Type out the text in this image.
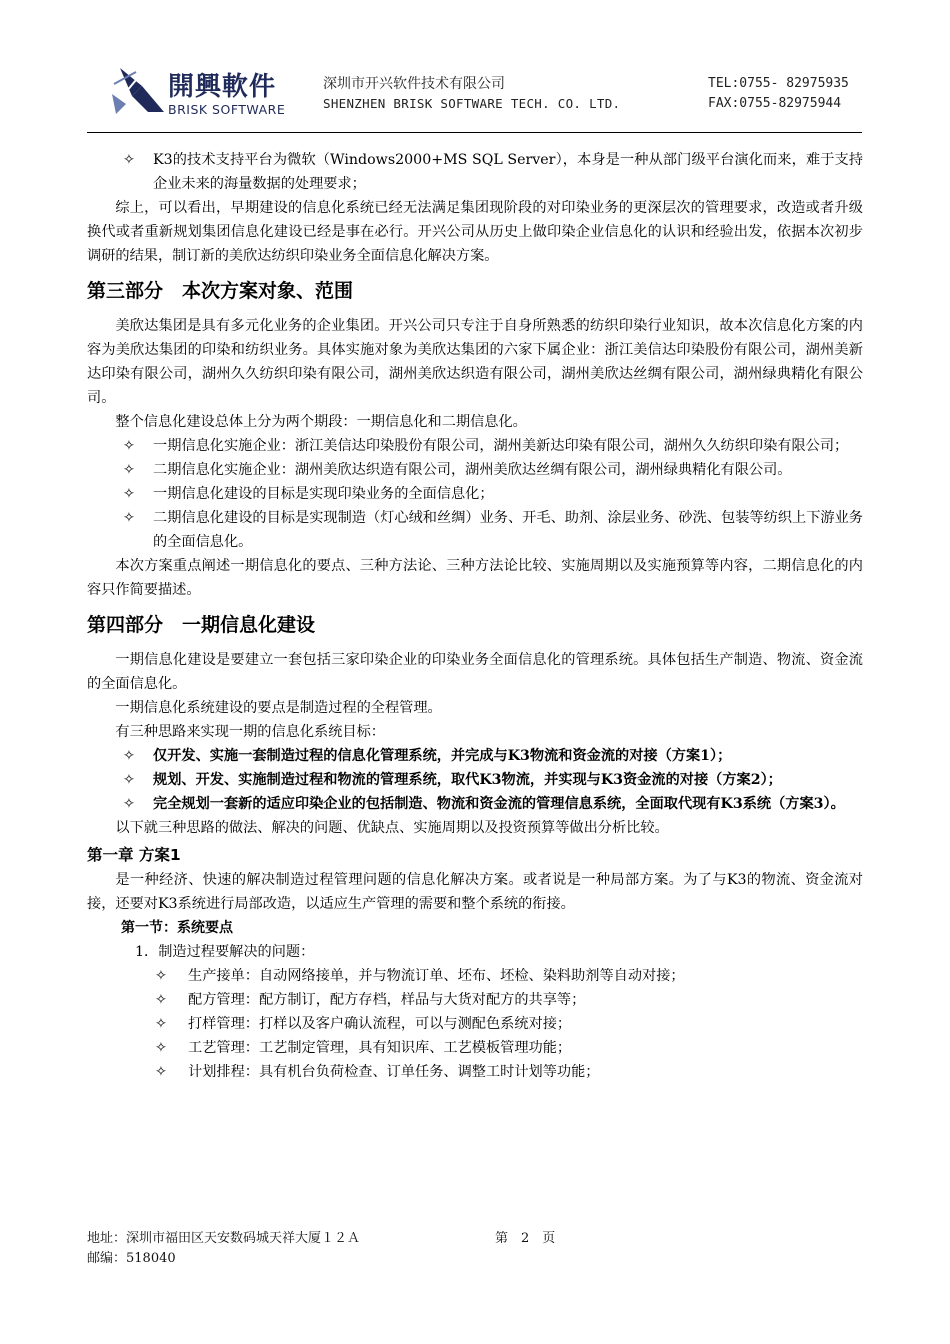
開興軟件
BRISK SOFTWARE
深圳市开兴软件技术有限公司
SHENZHEN BRISK SOFTWARE TECH. CO. LTD.
TEL:0755- 82975935
FAX:0755-82975944

✧ K3的技术支持平台为微软（Windows2000+MS SQL Server），本身是一种从部门级平台演化而来，难于支持企业未来的海量数据的处理要求；

综上，可以看出，早期建设的信息化系统已经无法满足集团现阶段的对印染业务的更深层次的管理要求，改造或者升级换代或者重新规划集团信息化建设已经是事在必行。开兴公司从历史上做印染企业信息化的认识和经验出发，依据本次初步调研的结果，制订新的美欣达纺织印染业务全面信息化解决方案。

第三部分　本次方案对象、范围

美欣达集团是具有多元化业务的企业集团。开兴公司只专注于自身所熟悉的纺织印染行业知识，故本次信息化方案的内容为美欣达集团的印染和纺织业务。具体实施对象为美欣达集团的六家下属企业：浙江美信达印染股份有限公司，湖州美新达印染有限公司，湖州久久纺织印染有限公司，湖州美欣达织造有限公司，湖州美欣达丝绸有限公司，湖州绿典精化有限公司。

整个信息化建设总体上分为两个期段：一期信息化和二期信息化。

✧ 一期信息化实施企业：浙江美信达印染股份有限公司，湖州美新达印染有限公司，湖州久久纺织印染有限公司；

✧ 二期信息化实施企业：湖州美欣达织造有限公司，湖州美欣达丝绸有限公司，湖州绿典精化有限公司。

✧ 一期信息化建设的目标是实现印染业务的全面信息化；

✧ 二期信息化建设的目标是实现制造（灯心绒和丝绸）业务、开毛、助剂、涂层业务、砂洗、包装等纺织上下游业务的全面信息化。

本次方案重点阐述一期信息化的要点、三种方法论、三种方法论比较、实施周期以及实施预算等内容，二期信息化的内容只作简要描述。

第四部分　一期信息化建设

一期信息化建设是要建立一套包括三家印染企业的印染业务全面信息化的管理系统。具体包括生产制造、物流、资金流的全面信息化。

一期信息化系统建设的要点是制造过程的全程管理。

有三种思路来实现一期的信息化系统目标：

✧ 仅开发、实施一套制造过程的信息化管理系统，并完成与K3物流和资金流的对接（方案1）；

✧ 规划、开发、实施制造过程和物流的管理系统，取代K3物流，并实现与K3资金流的对接（方案2）；

✧ 完全规划一套新的适应印染企业的包括制造、物流和资金流的管理信息系统，全面取代现有K3系统（方案3）。

以下就三种思路的做法、解决的问题、优缺点、实施周期以及投资预算等做出分析比较。

第一章 方案1

是一种经济、快速的解决制造过程管理问题的信息化解决方案。或者说是一种局部方案。为了与K3的物流、资金流对接，还要对K3系统进行局部改造，以适应生产管理的需要和整个系统的衔接。

第一节：系统要点

1．制造过程要解决的问题：

✧ 生产接单：自动网络接单，并与物流订单、坯布、坯检、染料助剂等自动对接；

✧ 配方管理：配方制订，配方存档，样品与大货对配方的共享等；

✧ 打样管理：打样以及客户确认流程，可以与测配色系统对接；

✧ 工艺管理：工艺制定管理，具有知识库、工艺模板管理功能；

✧ 计划排程：具有机台负荷检查、订单任务、调整工时计划等功能；

地址：深圳市福田区天安数码城天祥大厦１２Ａ
邮编：518040
第　2　页
